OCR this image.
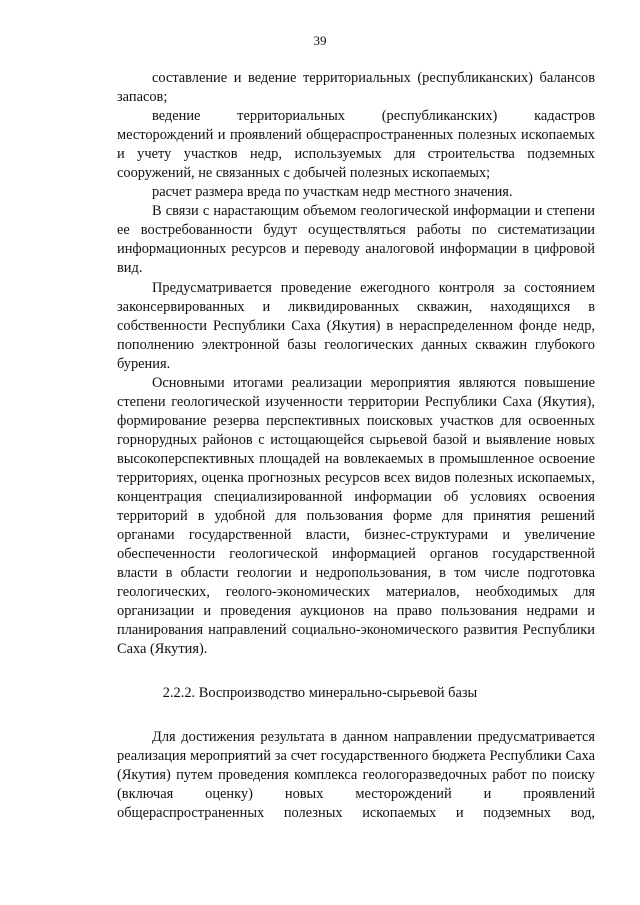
39

составление и ведение территориальных (республиканских) балансов запасов;

ведение территориальных (республиканских) кадастров месторождений и проявлений общераспространенных полезных ископаемых и учету участков недр, используемых для строительства подземных сооружений, не связанных с добычей полезных ископаемых;

расчет размера вреда по участкам недр местного значения.

В связи с нарастающим объемом геологической информации и степени ее востребованности будут осуществляться работы по систематизации информационных ресурсов и переводу аналоговой информации в цифровой вид.

Предусматривается проведение ежегодного контроля за состоянием законсервированных и ликвидированных скважин, находящихся в собственности Республики Саха (Якутия) в нераспределенном фонде недр, пополнению электронной базы геологических данных скважин глубокого бурения.

Основными итогами реализации мероприятия являются повышение степени геологической изученности территории Республики Саха (Якутия), формирование резерва перспективных поисковых участков для освоенных горнорудных районов с истощающейся сырьевой базой и выявление новых высокоперспективных площадей на вовлекаемых в промышленное освоение территориях, оценка прогнозных ресурсов всех видов полезных ископаемых, концентрация специализированной информации об условиях освоения территорий в удобной для пользования форме для принятия решений органами государственной власти, бизнес-структурами и увеличение обеспеченности геологической информацией органов государственной власти в области геологии и недропользования, в том числе подготовка геологических, геолого-экономических материалов, необходимых для организации и проведения аукционов на право пользования недрами и планирования направлений социально-экономического развития Республики Саха (Якутия).

2.2.2. Воспроизводство минерально-сырьевой базы

Для достижения результата в данном направлении предусматривается реализация мероприятий за счет государственного бюджета Республики Саха (Якутия) путем проведения комплекса геологоразведочных работ по поиску (включая оценку) новых месторождений и проявлений общераспространенных полезных ископаемых и подземных вод,
